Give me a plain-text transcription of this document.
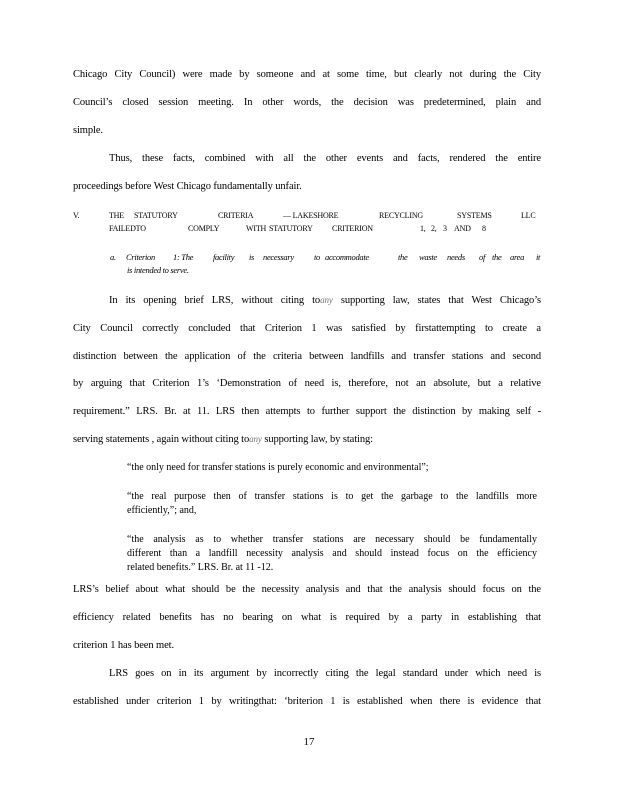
Chicago City Council) were made by someone and at some time, but clearly not during the City
Council’s closed session meeting. In other words, the decision was predetermined, plain and
simple.
Thus, these facts, combined with all the other events and facts, rendered the entire
proceedings before West Chicago fundamentally unfair.
V.	THE STATUTORY	CRITERIA	— LAKESHORE	RECYCLING	SYSTEMS	LLC
FAILEDTO	COMPLY	WITH STATUTORY CRITERION	1, 2, 3 AND 8
a. Criterion 1: The facility is necessary to accommodate	the waste needs of the area it
is intended to serve.
In its opening brief LRS, without citing toany supporting law, states that West Chicago’s
City Council correctly concluded that Criterion 1 was satisfied by firstattempting to create a
distinction between the application of the criteria between landfills and transfer stations and second
by arguing that Criterion 1’s ‘Demonstration of need is, therefore, not an absolute, but a relative
requirement.” LRS. Br. at 11. LRS then attempts to further support the distinction by making self -
serving statements , again without citing toany supporting law, by stating:
“the only need for transfer stations is purely economic and environmental”;
“the real purpose then of transfer stations is to get the garbage to the landfills more
efficiently,”; and,
“the analysis as to whether transfer stations are necessary should be fundamentally
different than a landfill necessity analysis and should instead focus on the efficiency
related benefits.” LRS. Br. at 11 -12.
LRS’s belief about what should be the necessity analysis and that the analysis should focus on the
efficiency related benefits has no bearing on what is required by a party in establishing that
criterion 1 has been met.
LRS goes on in its argument by incorrectly citing the legal standard under which need is
established under criterion 1 by writingthat: ‘briterion 1 is established when there is evidence that
17
